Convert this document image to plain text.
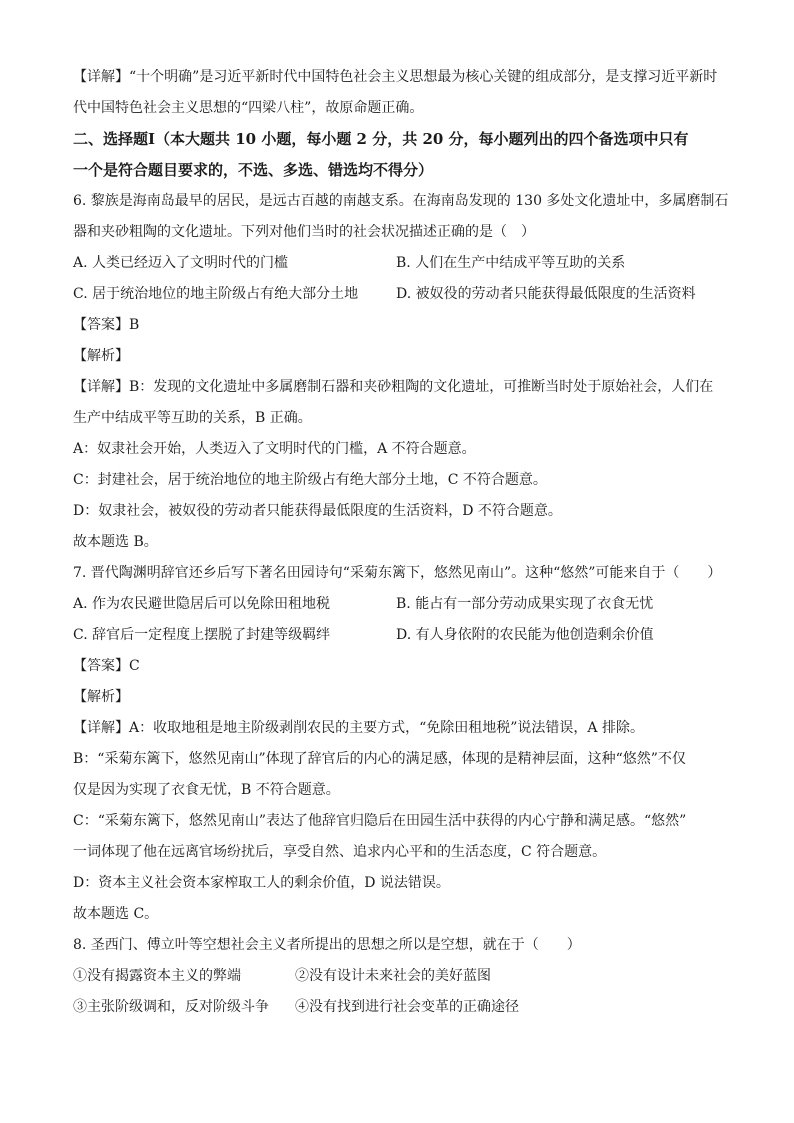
【详解】“十个明确”是习近平新时代中国特色社会主义思想最为核心关键的组成部分，是支撑习近平新时
代中国特色社会主义思想的“四梁八柱”，故原命题正确。
二、选择题Ⅰ（本大题共 10 小题，每小题 2 分，共 20 分，每小题列出的四个备选项中只有
一个是符合题目要求的，不选、多选、错选均不得分）
6. 黎族是海南岛最早的居民，是远古百越的南越支系。在海南岛发现的 130 多处文化遗址中，多属磨制石
器和夹砂粗陶的文化遗址。下列对他们当时的社会状况描述正确的是（　）
A. 人类已经迈入了文明时代的门槛	B. 人们在生产中结成平等互助的关系
C. 居于统治地位的地主阶级占有绝大部分土地	D. 被奴役的劳动者只能获得最低限度的生活资料
【答案】B
【解析】
【详解】B：发现的文化遗址中多属磨制石器和夹砂粗陶的文化遗址，可推断当时处于原始社会，人们在
生产中结成平等互助的关系，B 正确。
A：奴隶社会开始，人类迈入了文明时代的门槛，A 不符合题意。
C：封建社会，居于统治地位的地主阶级占有绝大部分土地，C 不符合题意。
D：奴隶社会，被奴役的劳动者只能获得最低限度的生活资料，D 不符合题意。
故本题选 B。
7. 晋代陶渊明辞官还乡后写下著名田园诗句“采菊东篱下，悠然见南山”。这种“悠然”可能来自于（　　）
A. 作为农民避世隐居后可以免除田租地税	B. 能占有一部分劳动成果实现了衣食无忧
C. 辞官后一定程度上摆脱了封建等级羁绊	D. 有人身依附的农民能为他创造剩余价值
【答案】C
【解析】
【详解】A：收取地租是地主阶级剥削农民的主要方式，“免除田租地税”说法错误，A 排除。
B：“采菊东篱下，悠然见南山”体现了辞官后的内心的满足感，体现的是精神层面，这种“悠然”不仅
仅是因为实现了衣食无忧，B 不符合题意。
C：“采菊东篱下，悠然见南山”表达了他辞官归隐后在田园生活中获得的内心宁静和满足感。“悠然”
一词体现了他在远离官场纷扰后，享受自然、追求内心平和的生活态度，C 符合题意。
D：资本主义社会资本家榨取工人的剩余价值，D 说法错误。
故本题选 C。
8. 圣西门、傅立叶等空想社会主义者所提出的思想之所以是空想，就在于（　　）
①没有揭露资本主义的弊端	②没有设计未来社会的美好蓝图
③主张阶级调和，反对阶级斗争	④没有找到进行社会变革的正确途径
